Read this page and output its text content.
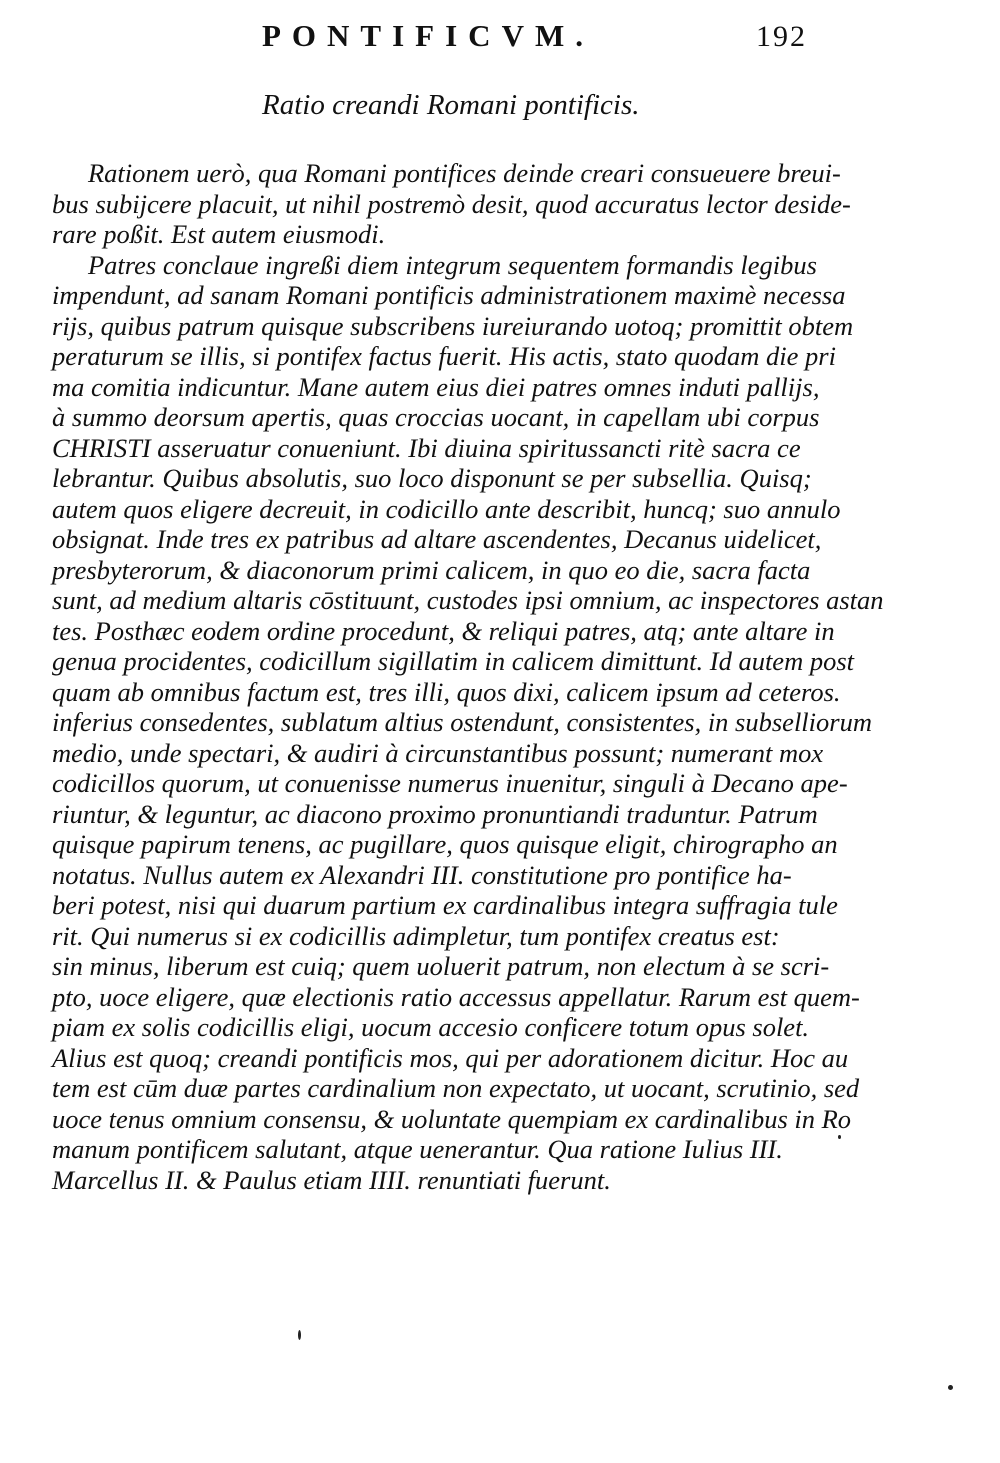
PONTIFICVM.	192
Ratio creandi Romani pontificis.
Rationem uerò, qua Romani pontifices deinde creari consueuere breui-
bus subijcere placuit, ut nihil postremò desit, quod accuratus lector deside-
rare poßit. Est autem eiusmodi.
Patres conclaue ingreßi diem integrum sequentem formandis legibus
impendunt, ad sanam Romani pontificis administrationem maximè necessa
rijs, quibus patrum quisque subscribens iureiurando uotoq; promittit obtem
peraturum se illis, si pontifex factus fuerit. His actis, stato quodam die pri
ma comitia indicuntur. Mane autem eius diei patres omnes induti pallijs,
à summo deorsum apertis, quas croccias uocant, in capellam ubi corpus
CHRISTI asseruatur conueniunt. Ibi diuina spiritussancti ritè sacra ce
lebrantur. Quibus absolutis, suo loco disponunt se per subsellia. Quisq;
autem quos eligere decreuit, in codicillo ante describit, huncq; suo annulo
obsignat. Inde tres ex patribus ad altare ascendentes, Decanus uidelicet,
presbyterorum, & diaconorum primi calicem, in quo eo die, sacra facta
sunt, ad medium altaris cōstituunt, custodes ipsi omnium, ac inspectores astan
tes. Posthæc eodem ordine procedunt, & reliqui patres, atq; ante altare in
genua procidentes, codicillum sigillatim in calicem dimittunt. Id autem post
quam ab omnibus factum est, tres illi, quos dixi, calicem ipsum ad ceteros.
inferius consedentes, sublatum altius ostendunt, consistentes, in subselliorum
medio, unde spectari, & audiri à circunstantibus possunt; numerant mox
codicillos quorum, ut conuenisse numerus inuenitur, singuli à Decano ape-
riuntur, & leguntur, ac diacono proximo pronuntiandi traduntur. Patrum
quisque papirum tenens, ac pugillare, quos quisque eligit, chirographo an
notatus. Nullus autem ex Alexandri III. constitutione pro pontifice ha-
beri potest, nisi qui duarum partium ex cardinalibus integra suffragia tule
rit. Qui numerus si ex codicillis adimpletur, tum pontifex creatus est:
sin minus, liberum est cuiq; quem uoluerit patrum, non electum à se scri-
pto, uoce eligere, quæ electionis ratio accessus appellatur. Rarum est quem-
piam ex solis codicillis eligi, uocum accesio conficere totum opus solet.
Alius est quoq; creandi pontificis mos, qui per adorationem dicitur. Hoc au
tem est cūm duæ partes cardinalium non expectato, ut uocant, scrutinio, sed
uoce tenus omnium consensu, & uoluntate quempiam ex cardinalibus in Ro
manum pontificem salutant, atque uenerantur. Qua ratione Iulius III.
Marcellus II. & Paulus etiam IIII. renuntiati fuerunt.
